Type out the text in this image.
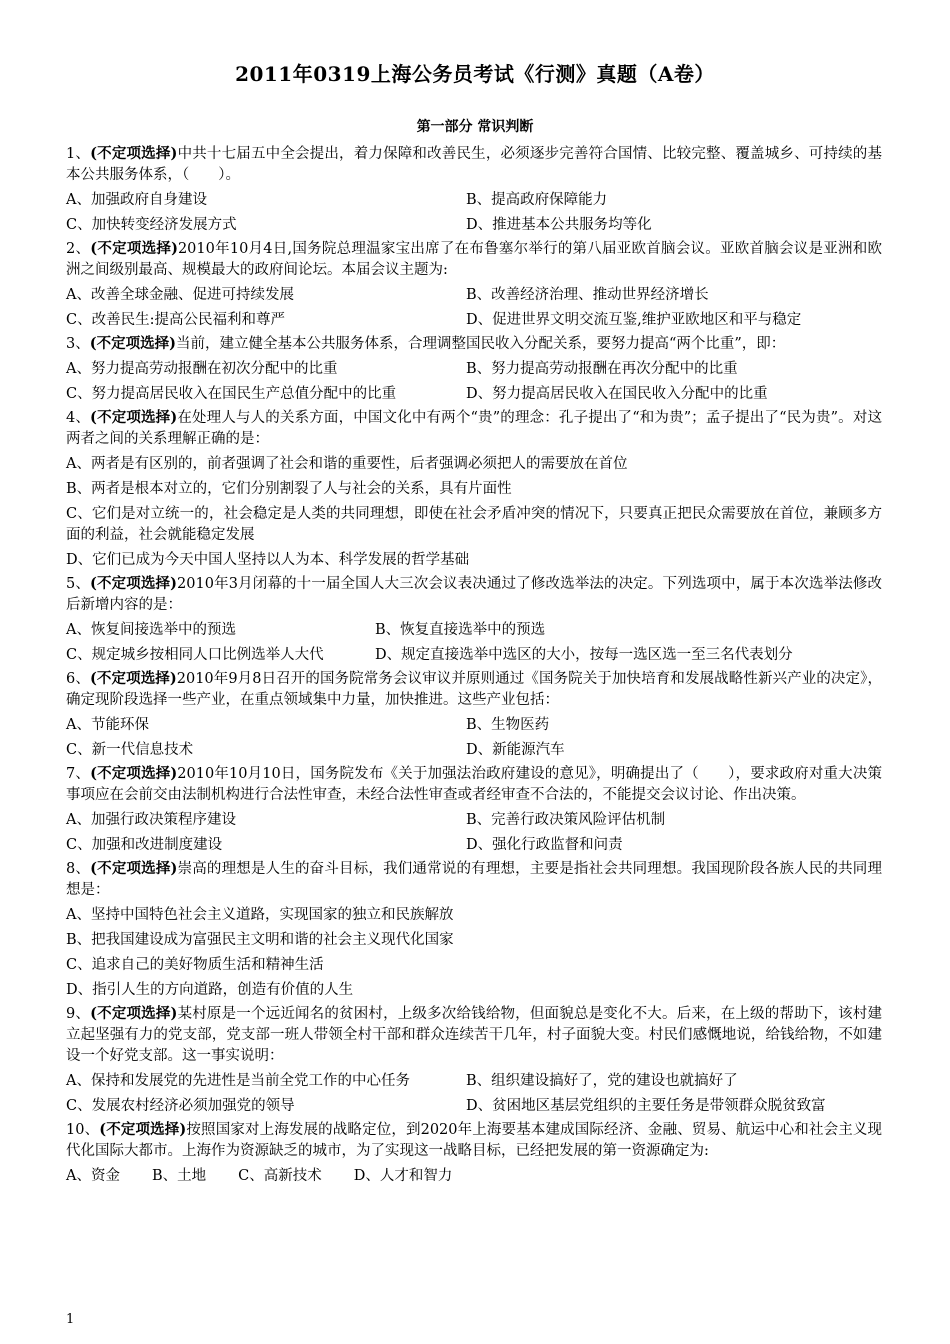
2011年0319上海公务员考试《行测》真题（A卷）
第一部分 常识判断
1、(不定项选择)中共十七届五中全会提出，着力保障和改善民生，必须逐步完善符合国情、比较完整、覆盖城乡、可持续的基本公共服务体系，（　　）。
A、加强政府自身建设	B、提高政府保障能力
C、加快转变经济发展方式	D、推进基本公共服务均等化
2、(不定项选择)2010年10月4日,国务院总理温家宝出席了在布鲁塞尔举行的第八届亚欧首脑会议。亚欧首脑会议是亚洲和欧洲之间级别最高、规模最大的政府间论坛。本届会议主题为:
A、改善全球金融、促进可持续发展	B、改善经济治理、推动世界经济增长
C、改善民生:提高公民福利和尊严	D、促进世界文明交流互鉴,维护亚欧地区和平与稳定
3、(不定项选择)当前，建立健全基本公共服务体系，合理调整国民收入分配关系，要努力提高“两个比重”，即：
A、努力提高劳动报酬在初次分配中的比重	B、努力提高劳动报酬在再次分配中的比重
C、努力提高居民收入在国民生产总值分配中的比重	D、努力提高居民收入在国民收入分配中的比重
4、(不定项选择)在处理人与人的关系方面，中国文化中有两个“贵”的理念：孔子提出了“和为贵”；孟子提出了“民为贵”。对这两者之间的关系理解正确的是：
A、两者是有区别的，前者强调了社会和谐的重要性，后者强调必须把人的需要放在首位
B、两者是根本对立的，它们分别割裂了人与社会的关系，具有片面性
C、它们是对立统一的，社会稳定是人类的共同理想，即使在社会矛盾冲突的情况下，只要真正把民众需要放在首位，兼顾多方面的利益，社会就能稳定发展
D、它们已成为今天中国人坚持以人为本、科学发展的哲学基础
5、(不定项选择)2010年3月闭幕的十一届全国人大三次会议表决通过了修改选举法的决定。下列选项中，属于本次选举法修改后新增内容的是：
A、恢复间接选举中的预选	B、恢复直接选举中的预选
C、规定城乡按相同人口比例选举人大代	D、规定直接选举中选区的大小，按每一选区选一至三名代表划分
6、(不定项选择)2010年9月8日召开的国务院常务会议审议并原则通过《国务院关于加快培育和发展战略性新兴产业的决定》，确定现阶段选择一些产业，在重点领域集中力量，加快推进。这些产业包括：
A、节能环保	B、生物医药
C、新一代信息技术	D、新能源汽车
7、(不定项选择)2010年10月10日，国务院发布《关于加强法治政府建设的意见》，明确提出了（　　），要求政府对重大决策事项应在会前交由法制机构进行合法性审查，未经合法性审查或者经审查不合法的，不能提交会议讨论、作出决策。
A、加强行政决策程序建设	B、完善行政决策风险评估机制
C、加强和改进制度建设	D、强化行政监督和问责
8、(不定项选择)崇高的理想是人生的奋斗目标，我们通常说的有理想，主要是指社会共同理想。我国现阶段各族人民的共同理想是：
A、坚持中国特色社会主义道路，实现国家的独立和民族解放
B、把我国建设成为富强民主文明和谐的社会主义现代化国家
C、追求自己的美好物质生活和精神生活
D、指引人生的方向道路，创造有价值的人生
9、(不定项选择)某村原是一个远近闻名的贫困村，上级多次给钱给物，但面貌总是变化不大。后来，在上级的帮助下，该村建立起坚强有力的党支部，党支部一班人带领全村干部和群众连续苦干几年，村子面貌大变。村民们感慨地说，给钱给物，不如建设一个好党支部。这一事实说明：
A、保持和发展党的先进性是当前全党工作的中心任务	B、组织建设搞好了，党的建设也就搞好了
C、发展农村经济必须加强党的领导	D、贫困地区基层党组织的主要任务是带领群众脱贫致富
10、(不定项选择)按照国家对上海发展的战略定位，到2020年上海要基本建成国际经济、金融、贸易、航运中心和社会主义现代化国际大都市。上海作为资源缺乏的城市，为了实现这一战略目标，已经把发展的第一资源确定为:
A、资金 B、土地 C、高新技术 D、人才和智力
1
